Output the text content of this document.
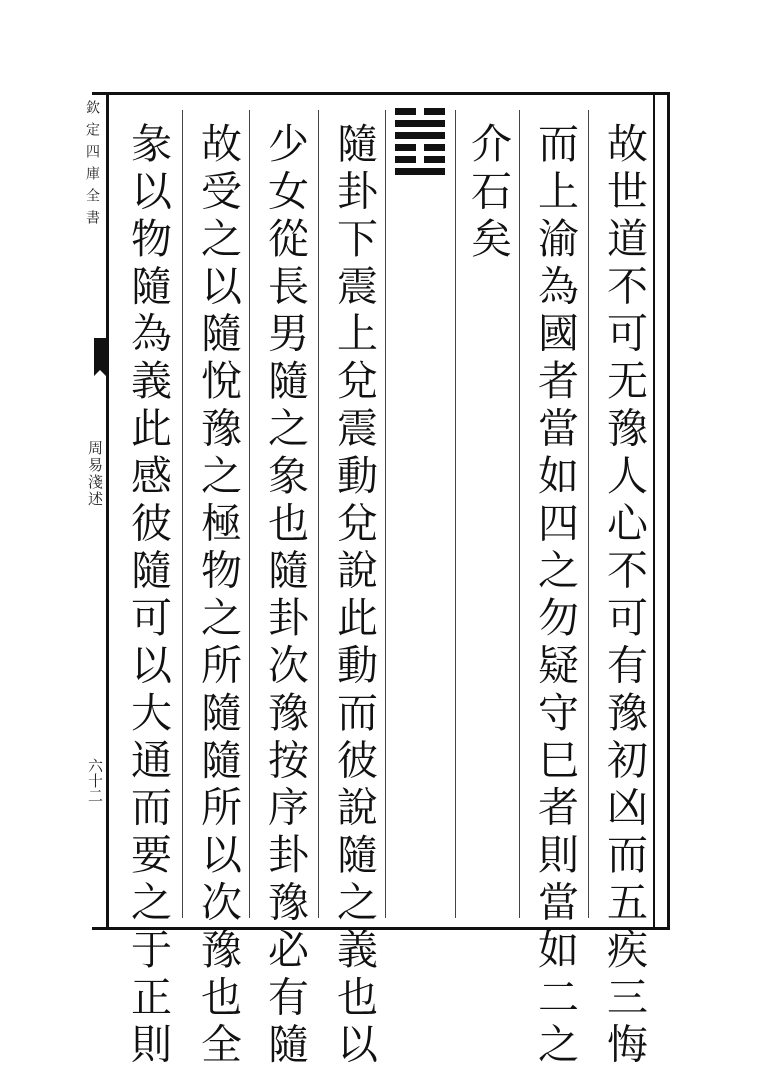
欽定四庫全書
周易淺述
六十二	故世道不可无豫人心不可有豫初凶而五疾三悔
而上渝為國者當如四之勿疑守巳者則當如二之
介石矣
隨卦下震上兌震動兌說此動而彼說隨之義也以
少女從長男隨之象也隨卦次豫按序卦豫必有隨
故受之以隨悅豫之極物之所隨隨所以次豫也全
彖以物隨為義此感彼隨可以大通而要之于正則
